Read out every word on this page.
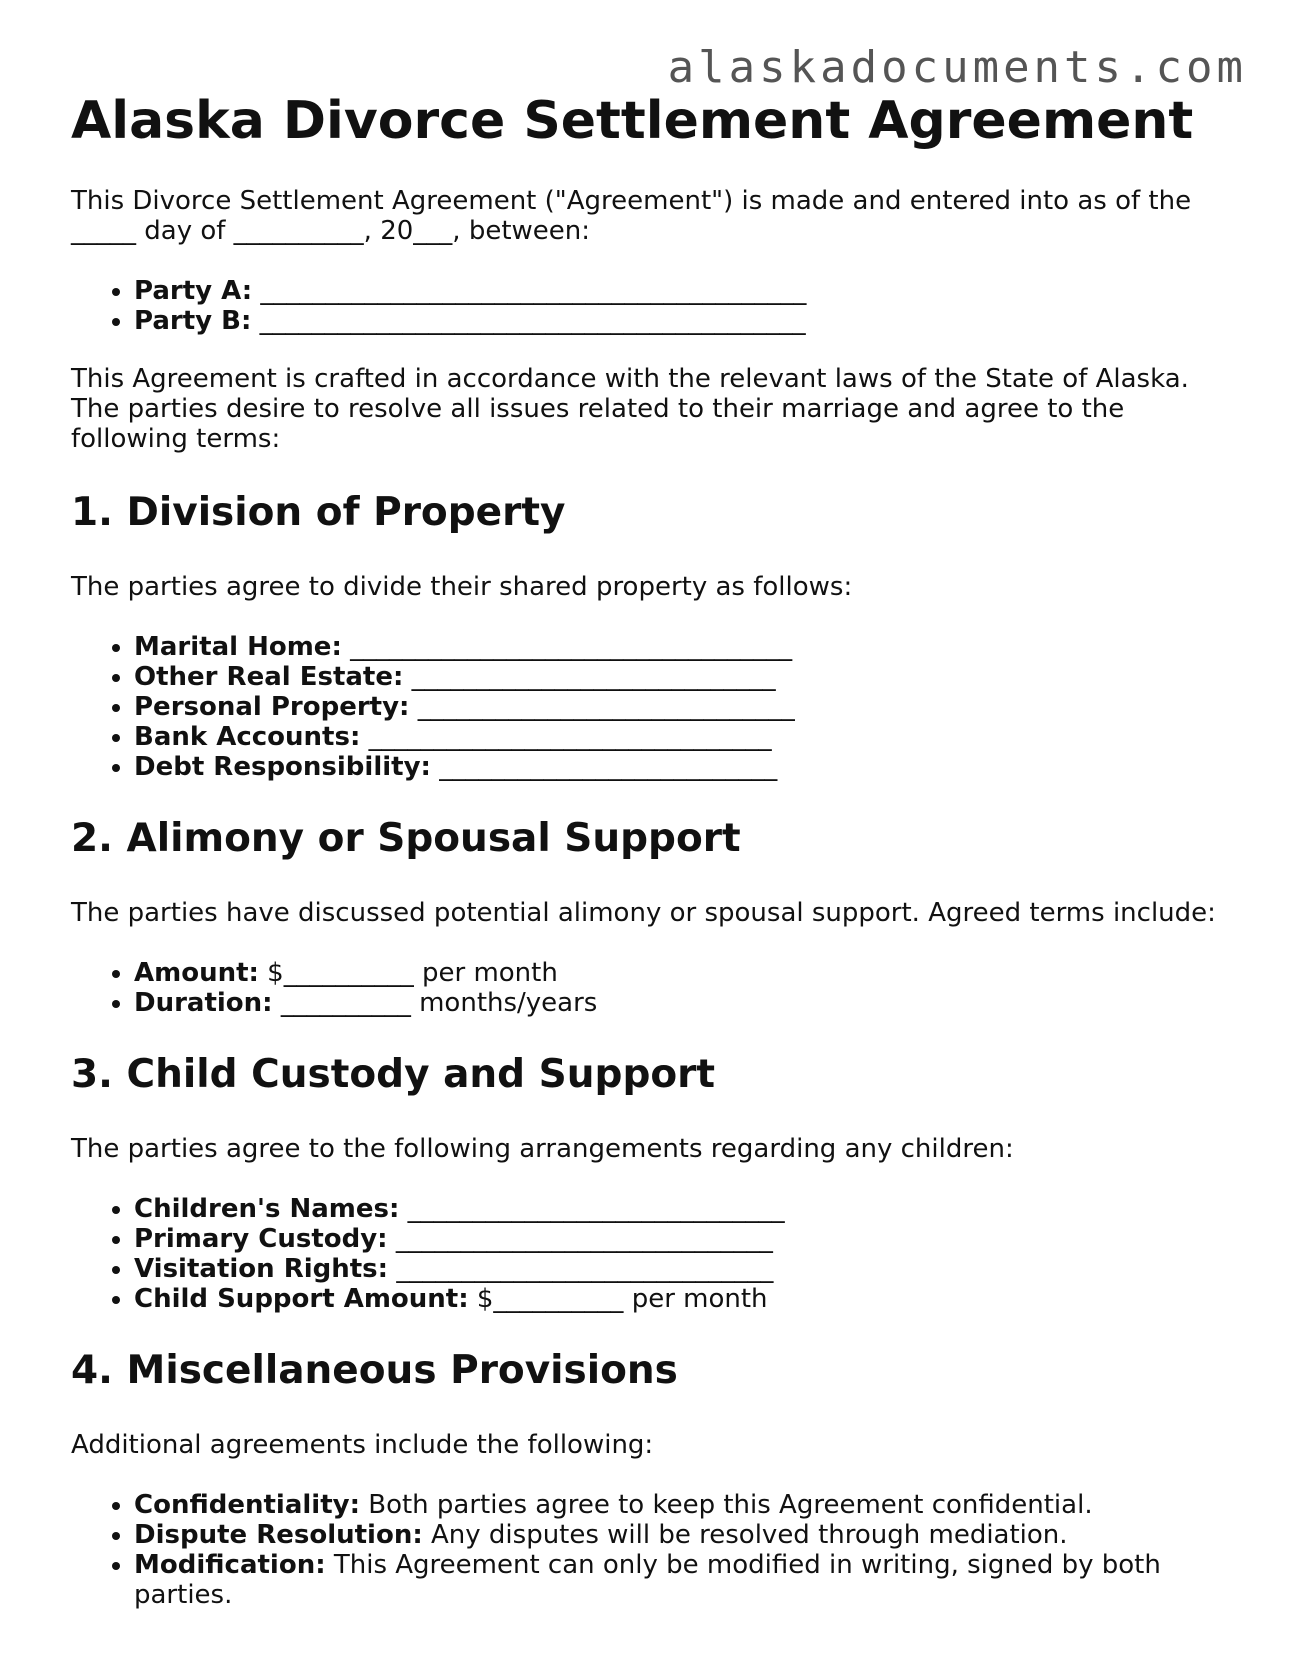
alaskadocuments.com
Alaska Divorce Settlement Agreement

This Divorce Settlement Agreement ("Agreement") is made and entered into as of the _____ day of __________, 20___, between:

• Party A: __________________________________________
• Party B: __________________________________________

This Agreement is crafted in accordance with the relevant laws of the State of Alaska. The parties desire to resolve all issues related to their marriage and agree to the following terms:

1. Division of Property

The parties agree to divide their shared property as follows:

• Marital Home: __________________________________
• Other Real Estate: ____________________________
• Personal Property: _____________________________
• Bank Accounts: _______________________________
• Debt Responsibility: __________________________
2. Alimony or Spousal Support

The parties have discussed potential alimony or spousal support. Agreed terms include:

• Amount: $__________ per month
• Duration: __________ months/years
3. Child Custody and Support

The parties agree to the following arrangements regarding any children:

• Children's Names: _____________________________
• Primary Custody: _____________________________
• Visitation Rights: _____________________________
• Child Support Amount: $__________ per month
4. Miscellaneous Provisions

Additional agreements include the following:

• Confidentiality: Both parties agree to keep this Agreement confidential.
• Dispute Resolution: Any disputes will be resolved through mediation.
• Modification: This Agreement can only be modified in writing, signed by both parties.
